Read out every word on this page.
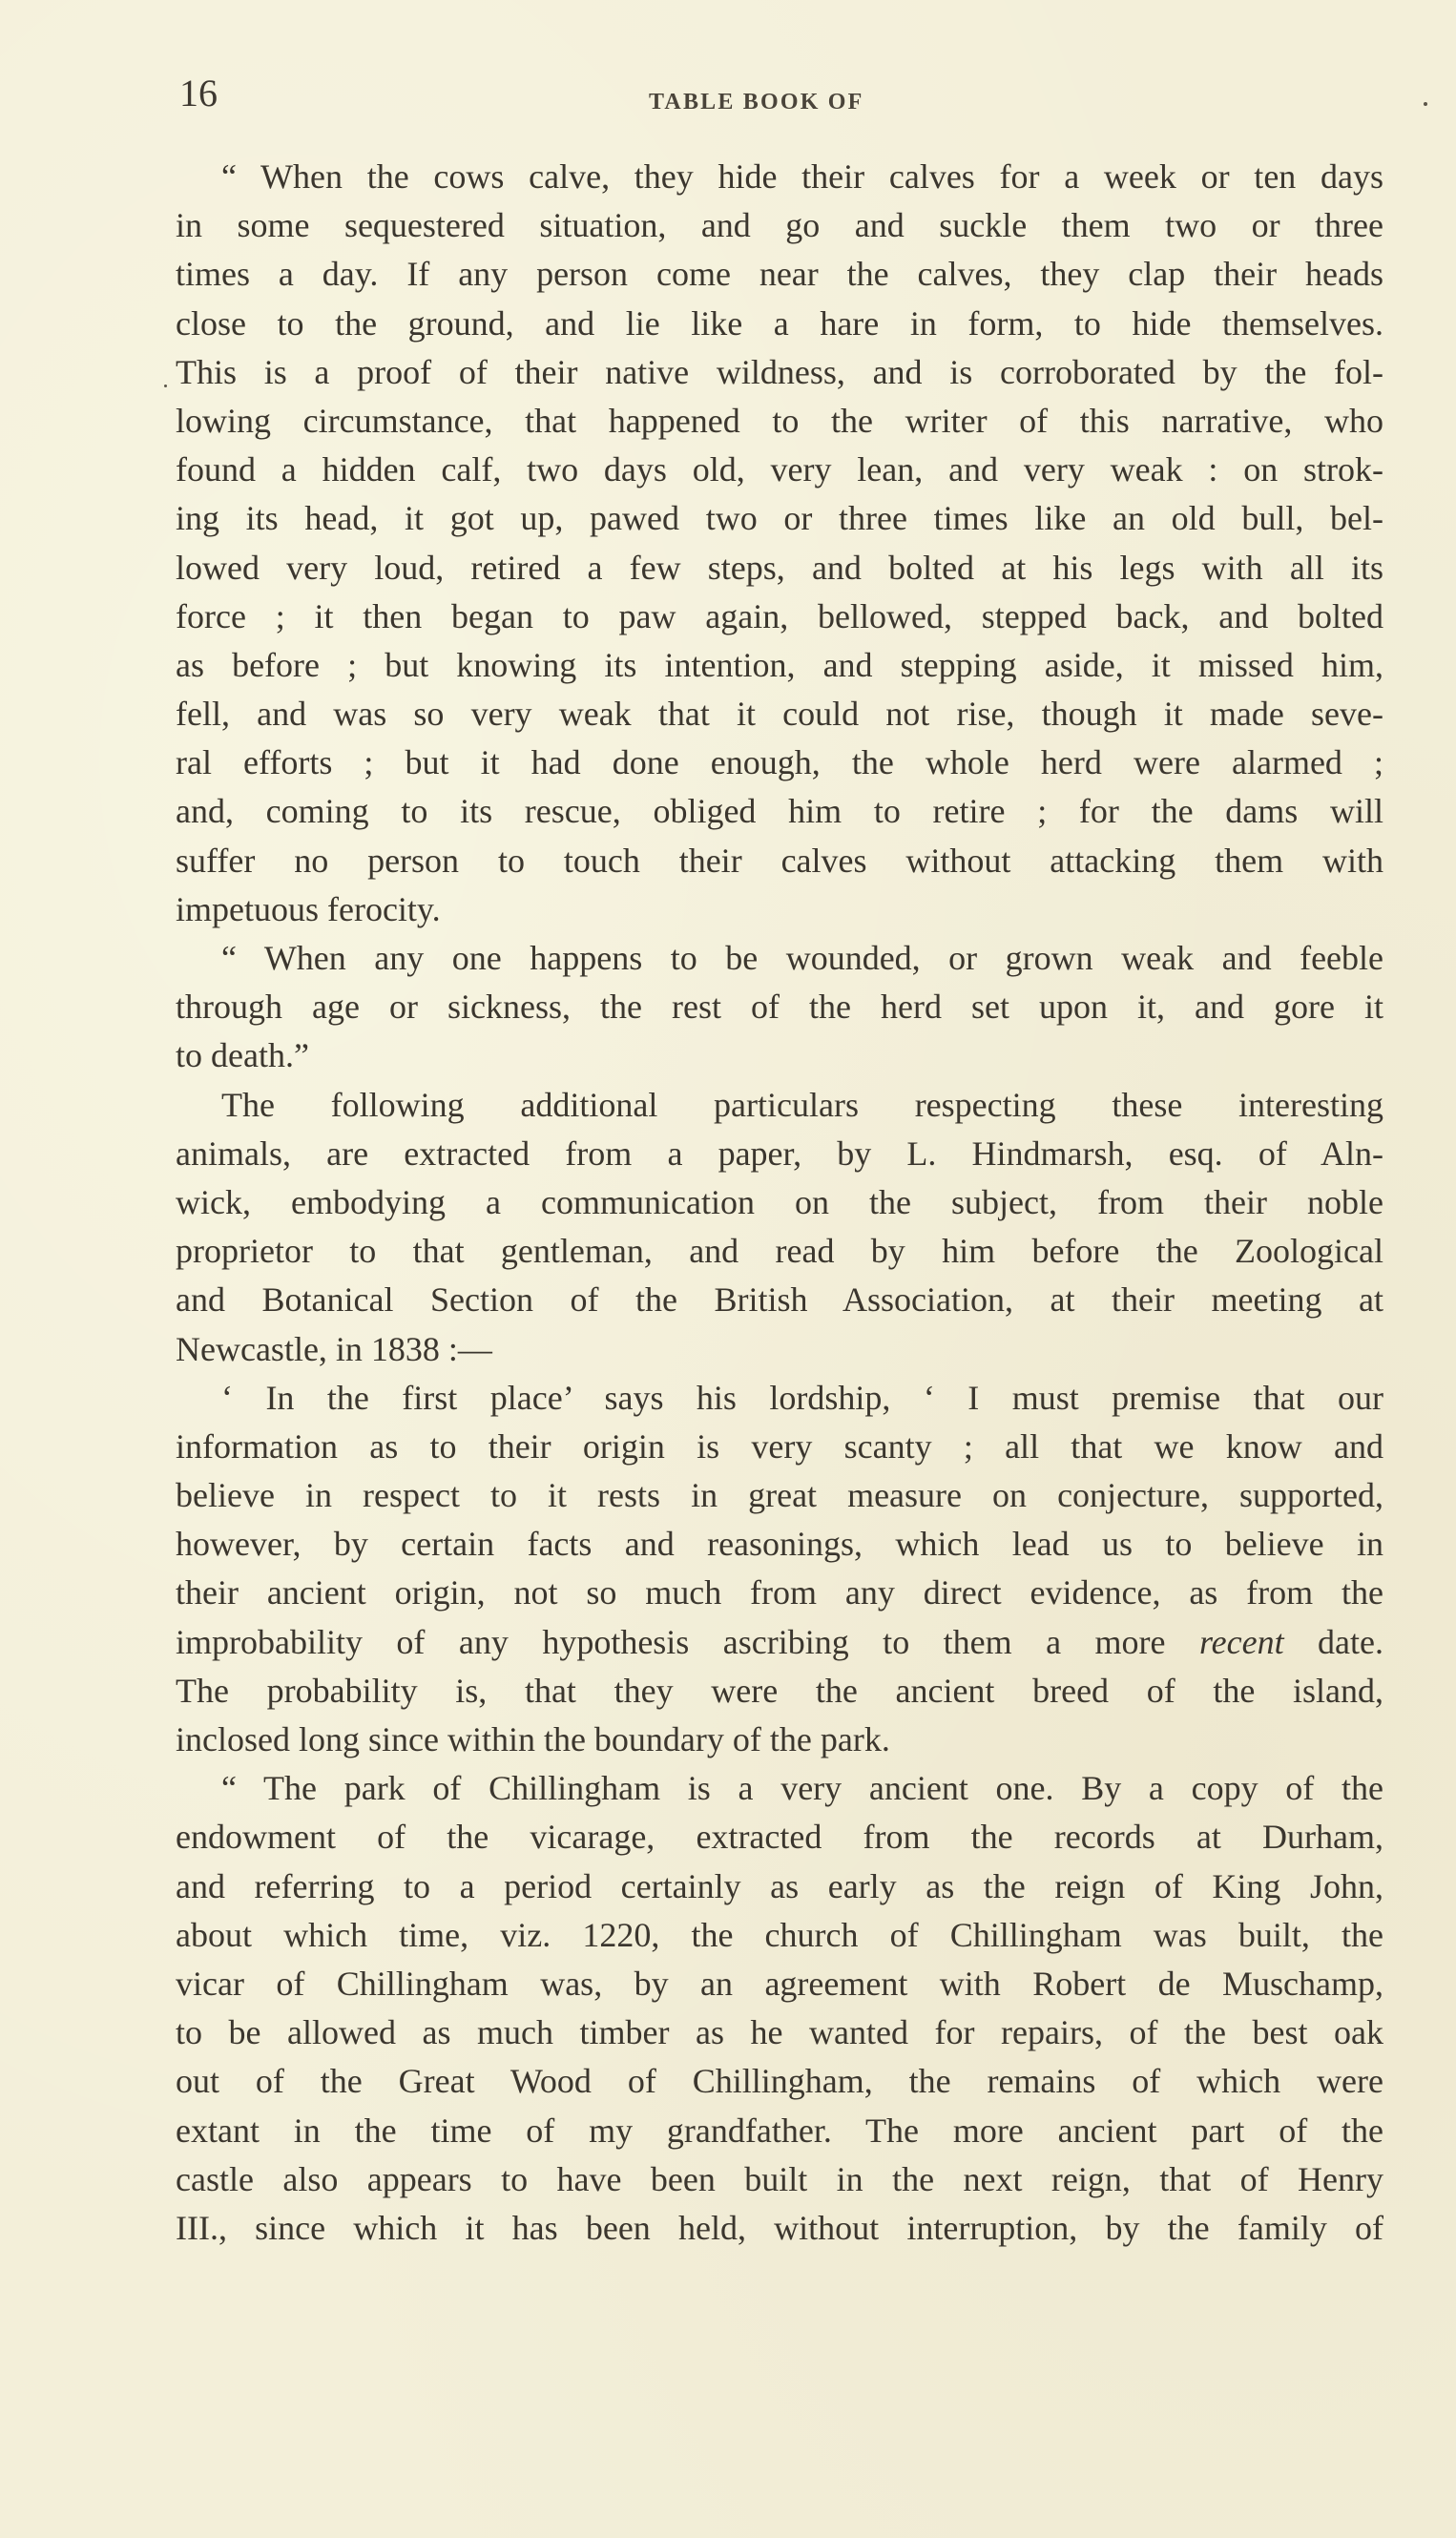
16	TABLE BOOK OF
“ When the cows calve, they hide their calves for a week or ten days
in some sequestered situation, and go and suckle them two or three
times a day. If any person come near the calves, they clap their heads
close to the ground, and lie like a hare in form, to hide themselves.
This is a proof of their native wildness, and is corroborated by the fol-
lowing circumstance, that happened to the writer of this narrative, who
found a hidden calf, two days old, very lean, and very weak : on strok-
ing its head, it got up, pawed two or three times like an old bull, bel-
lowed very loud, retired a few steps, and bolted at his legs with all its
force ; it then began to paw again, bellowed, stepped back, and bolted
as before ; but knowing its intention, and stepping aside, it missed him,
fell, and was so very weak that it could not rise, though it made seve-
ral efforts ; but it had done enough, the whole herd were alarmed ;
and, coming to its rescue, obliged him to retire ; for the dams will
suffer no person to touch their calves without attacking them with
impetuous ferocity.
“ When any one happens to be wounded, or grown weak and feeble
through age or sickness, the rest of the herd set upon it, and gore it
to death.”
The following additional particulars respecting these interesting
animals, are extracted from a paper, by L. Hindmarsh, esq. of Aln-
wick, embodying a communication on the subject, from their noble
proprietor to that gentleman, and read by him before the Zoological
and Botanical Section of the British Association, at their meeting at
Newcastle, in 1838 :—
‘ In the first place’ says his lordship, ‘ I must premise that our
information as to their origin is very scanty ; all that we know and
believe in respect to it rests in great measure on conjecture, supported,
however, by certain facts and reasonings, which lead us to believe in
their ancient origin, not so much from any direct evidence, as from the
improbability of any hypothesis ascribing to them a more recent date.
The probability is, that they were the ancient breed of the island,
inclosed long since within the boundary of the park.
“ The park of Chillingham is a very ancient one. By a copy of the
endowment of the vicarage, extracted from the records at Durham,
and referring to a period certainly as early as the reign of King John,
about which time, viz. 1220, the church of Chillingham was built, the
vicar of Chillingham was, by an agreement with Robert de Muschamp,
to be allowed as much timber as he wanted for repairs, of the best oak
out of the Great Wood of Chillingham, the remains of which were
extant in the time of my grandfather. The more ancient part of the
castle also appears to have been built in the next reign, that of Henry
III., since which it has been held, without interruption, by the family of
